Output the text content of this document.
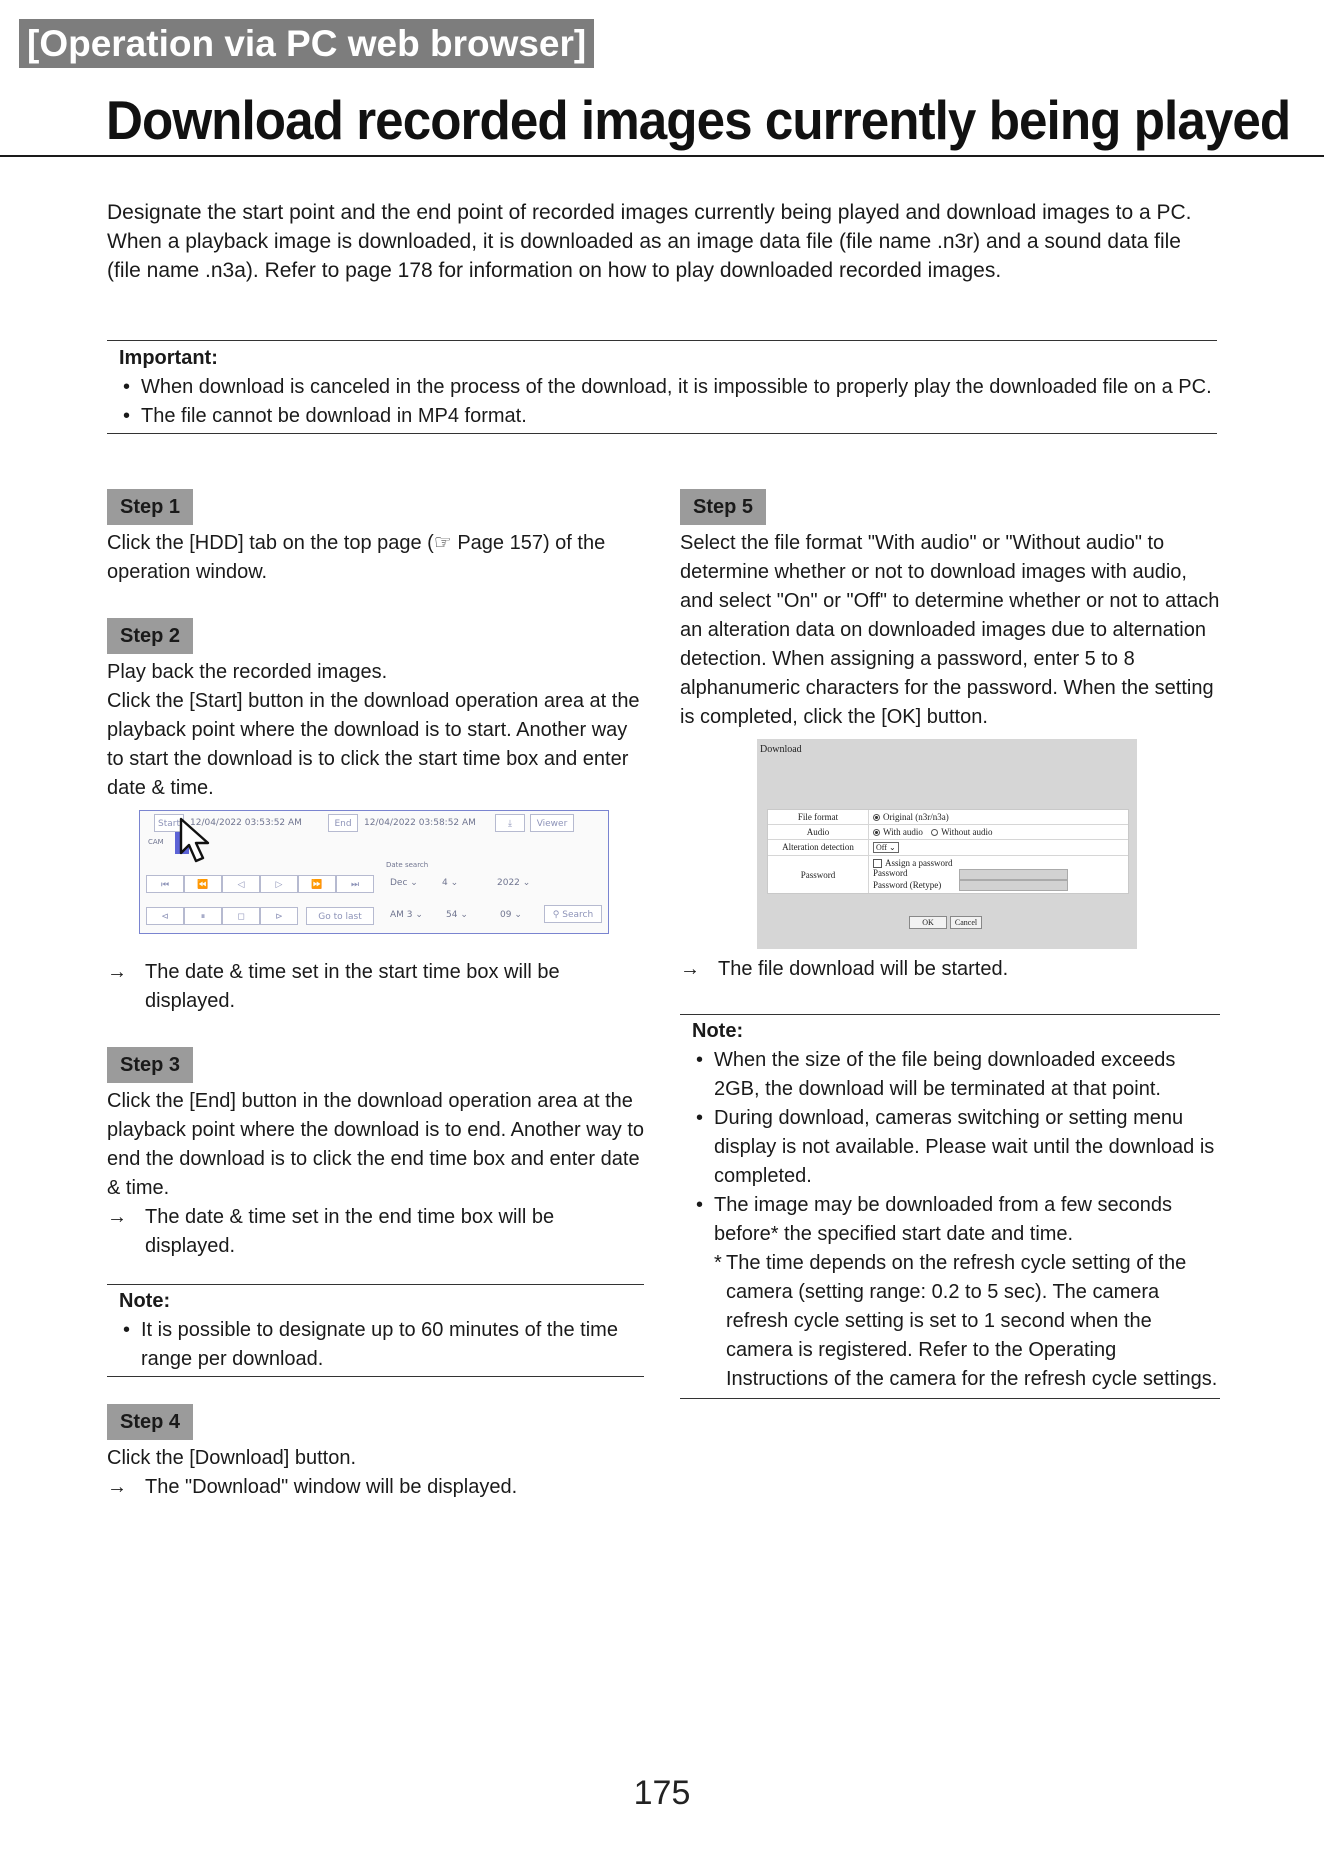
[Operation via PC web browser]
Download recorded images currently being played

Designate the start point and the end point of recorded images currently being played and download images to a PC.

When a playback image is downloaded, it is downloaded as an image data file (file name .n3r) and a sound data file (file name .n3a). Refer to page 178 for information on how to play downloaded recorded images.

Important:
• When download is canceled in the process of the download, it is impossible to properly play the downloaded file on a PC.
• The file cannot be download in MP4 format.
Step 1

Click the [HDD] tab on the top page (☞ Page 157) of the operation window.

Step 2

Play back the recorded images.

Click the [Start] button in the download operation area at the playback point where the download is to start. Another way to start the download is to click the start time box and enter date & time.

Start	12/04/2022 03:53:52 AM	End	12/04/2022 03:58:52 AM	⤓	Viewer
CAM
Date search
⏮	⏪	◁	▷	⏩	⏭	Dec ⌄	4 ⌄	2022 ⌄
⊲	⏸	◻	⊳	Go to last	AM 3 ⌄	54 ⌄	09 ⌄	⚲ Search
→ The date & time set in the start time box will be displayed.
Step 3

Click the [End] button in the download operation area at the playback point where the download is to end. Another way to end the download is to click the end time box and enter date & time.

→ The date & time set in the end time box will be displayed.
Note:
• It is possible to designate up to 60 minutes of the time range per download.
Step 4

Click the [Download] button.

→ The "Download" window will be displayed.
Step 5

Select the file format "With audio" or "Without audio" to determine whether or not to download images with audio, and select "On" or "Off" to determine whether or not to attach an alteration data on downloaded images due to alternation detection. When assigning a password, enter 5 to 8 alphanumeric characters for the password. When the setting is completed, click the [OK] button.

Download
File format	Original (n3r/n3a)
Audio	With audio Without audio
Alteration detection	Off ⌄
Password
Assign a password
Password
Password (Retype)
OK	Cancel
→ The file download will be started.
Note:
• When the size of the file being downloaded exceeds 2GB, the download will be terminated at that point.
• During download, cameras switching or setting menu display is not available. Please wait until the download is completed.
• The image may be downloaded from a few seconds before* the specified start date and time.
* The time depends on the refresh cycle setting of the camera (setting range: 0.2 to 5 sec). The camera refresh cycle setting is set to 1 second when the camera is registered. Refer to the Operating Instructions of the camera for the refresh cycle settings.
175
